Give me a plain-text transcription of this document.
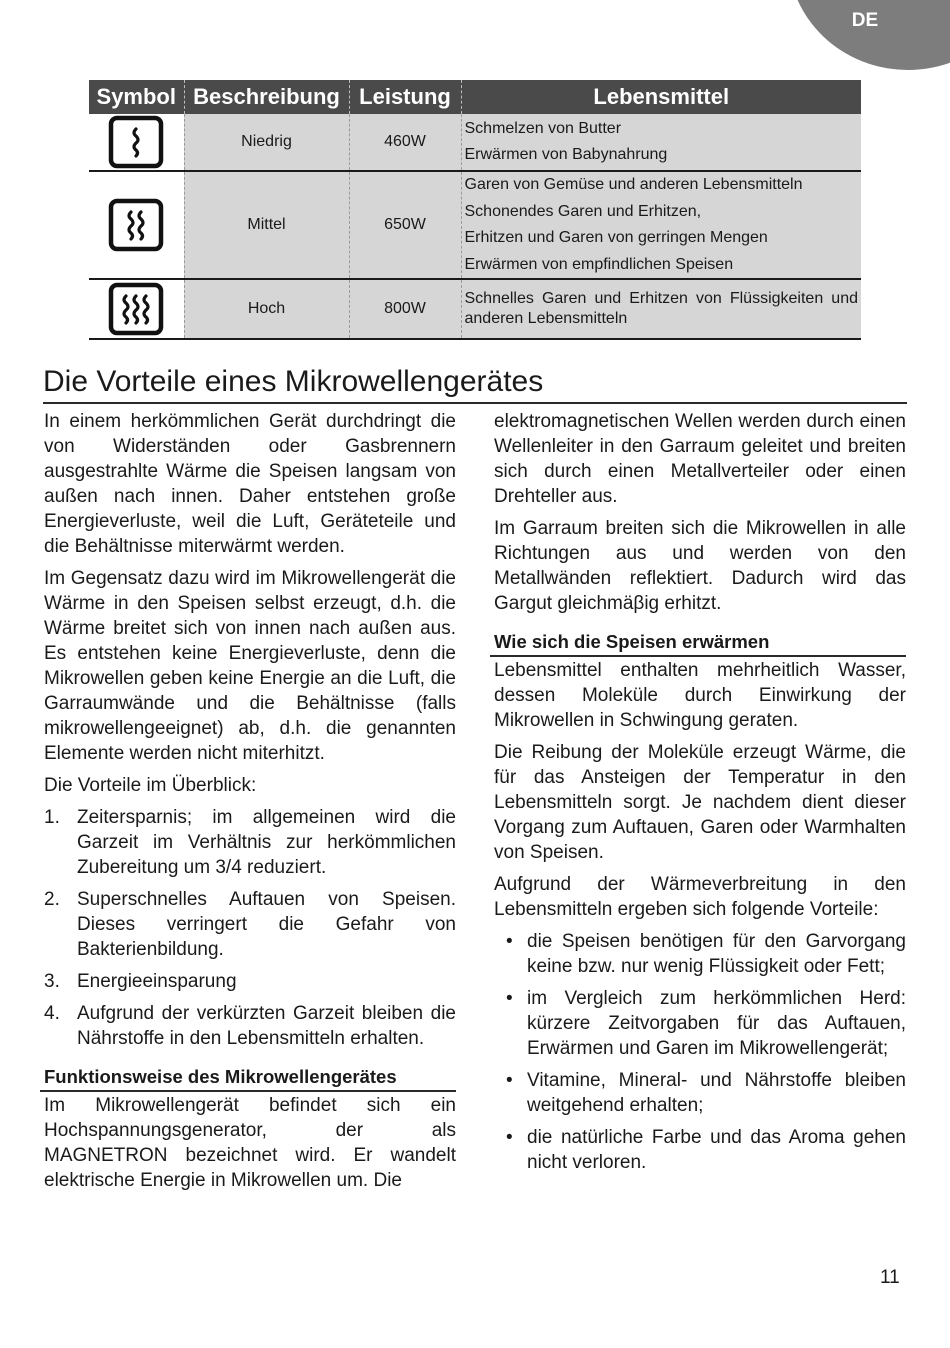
DE
Symbol	Beschreibung	Leistung	Lebensmittel
	Niedrig	460W	Schmelzen von Butter
Erwärmen von Babynahrung

	Mittel	650W	Garen von Gemüse und anderen Lebensmitteln
Schonendes Garen und Erhitzen,
Erhitzen und Garen von gerringen Mengen
Erwärmen von empfindlichen Speisen

	Hoch	800W	Schnelles Garen und Erhitzen von Flüssigkeiten und anderen Lebensmitteln
Die Vorteile eines Mikrowellengerätes

In einem herkömmlichen Gerät durchdringt die von Widerständen oder Gasbrennern ausgestrahlte Wärme die Speisen langsam von außen nach innen. Daher entstehen große Energieverluste, weil die Luft, Geräteteile und die Behältnisse miterwärmt werden.

Im Gegensatz dazu wird im Mikrowellengerät die Wärme in den Speisen selbst erzeugt, d.h. die Wärme breitet sich von innen nach außen aus. Es entstehen keine Energieverluste, denn die Mikrowellen geben keine Energie an die Luft, die Garraumwände und die Behältnisse (falls mikrowellengeeignet) ab, d.h. die genannten Elemente werden nicht miterhitzt.

Die Vorteile im Überblick:

1. Zeitersparnis; im allgemeinen wird die Garzeit im Verhältnis zur herkömmlichen Zubereitung um 3/4 reduziert.
2. Superschnelles Auftauen von Speisen. Dieses verringert die Gefahr von Bakterienbildung.
3. Energieeinsparung
4. Aufgrund der verkürzten Garzeit bleiben die Nährstoffe in den Lebensmitteln erhalten.
Funktionsweise des Mikrowellengerätes

Im Mikrowellengerät befindet sich ein Hochspannungsgenerator, der als MAGNETRON bezeichnet wird. Er wandelt elektrische Energie in Mikrowellen um. Die

elektromagnetischen Wellen werden durch einen Wellenleiter in den Garraum geleitet und breiten sich durch einen Metallverteiler oder einen Drehteller aus.

Im Garraum breiten sich die Mikrowellen in alle Richtungen aus und werden von den Metallwänden reflektiert. Dadurch wird das Gargut gleichmäβig erhitzt.

Wie sich die Speisen erwärmen

Lebensmittel enthalten mehrheitlich Wasser, dessen Moleküle durch Einwirkung der Mikrowellen in Schwingung geraten.

Die Reibung der Moleküle erzeugt Wärme, die für das Ansteigen der Temperatur in den Lebensmitteln sorgt. Je nachdem dient dieser Vorgang zum Auftauen, Garen oder Warmhalten von Speisen.

Aufgrund der Wärmeverbreitung in den Lebensmitteln ergeben sich folgende Vorteile:

• die Speisen benötigen für den Garvorgang keine bzw. nur wenig Flüssigkeit oder Fett;
• im Vergleich zum herkömmlichen Herd: kürzere Zeitvorgaben für das Auftauen, Erwärmen und Garen im Mikrowellengerät;
• Vitamine, Mineral- und Nährstoffe bleiben weitgehend erhalten;
• die natürliche Farbe und das Aroma gehen nicht verloren.
11
